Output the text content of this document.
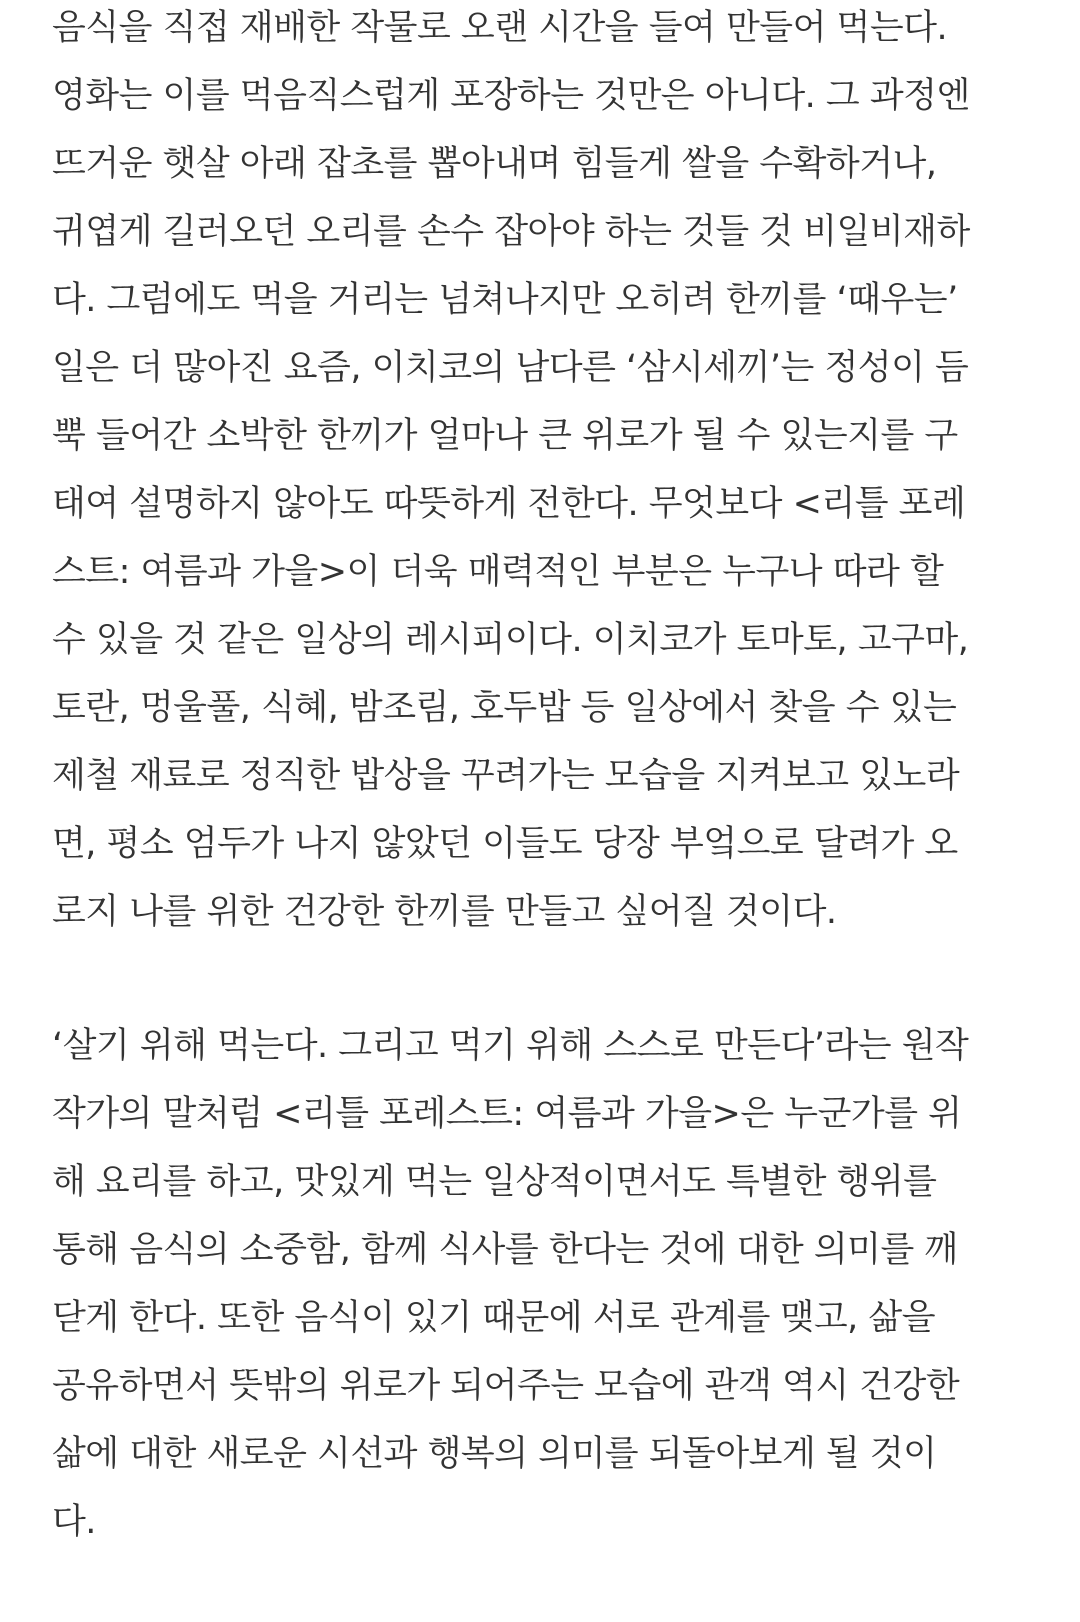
음식을 직접 재배한 작물로 오랜 시간을 들여 만들어 먹는다.
영화는 이를 먹음직스럽게 포장하는 것만은 아니다. 그 과정엔
뜨거운 햇살 아래 잡초를 뽑아내며 힘들게 쌀을 수확하거나,
귀엽게 길러오던 오리를 손수 잡아야 하는 것들 것 비일비재하
다. 그럼에도 먹을 거리는 넘쳐나지만 오히려 한끼를 ‘때우는’
일은 더 많아진 요즘, 이치코의 남다른 ‘삼시세끼’는 정성이 듬
뿍 들어간 소박한 한끼가 얼마나 큰 위로가 될 수 있는지를 구
태여 설명하지 않아도 따뜻하게 전한다. 무엇보다 <리틀 포레
스트: 여름과 가을>이 더욱 매력적인 부분은 누구나 따라 할
수 있을 것 같은 일상의 레시피이다. 이치코가 토마토, 고구마,
토란, 멍울풀, 식혜, 밤조림, 호두밥 등 일상에서 찾을 수 있는
제철 재료로 정직한 밥상을 꾸려가는 모습을 지켜보고 있노라
면, 평소 엄두가 나지 않았던 이들도 당장 부엌으로 달려가 오
로지 나를 위한 건강한 한끼를 만들고 싶어질 것이다.
‘살기 위해 먹는다. 그리고 먹기 위해 스스로 만든다’라는 원작
작가의 말처럼 <리틀 포레스트: 여름과 가을>은 누군가를 위
해 요리를 하고, 맛있게 먹는 일상적이면서도 특별한 행위를
통해 음식의 소중함, 함께 식사를 한다는 것에 대한 의미를 깨
닫게 한다. 또한 음식이 있기 때문에 서로 관계를 맺고, 삶을
공유하면서 뜻밖의 위로가 되어주는 모습에 관객 역시 건강한
삶에 대한 새로운 시선과 행복의 의미를 되돌아보게 될 것이
다.
